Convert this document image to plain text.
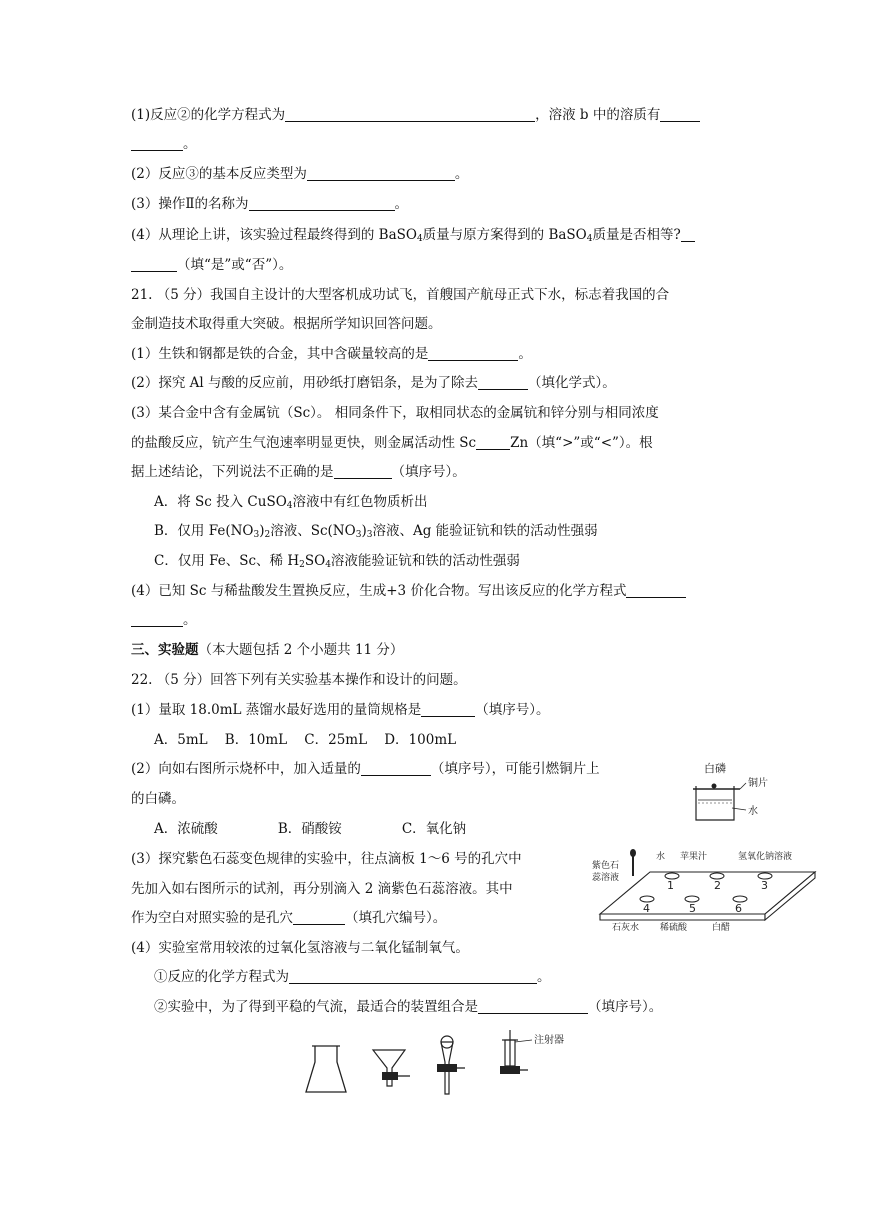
(1)反应②的化学方程式为	，溶液 b 中的溶质有
。
(2）反应③的基本反应类型为	。
(3）操作Ⅱ的名称为	。
(4）从理论上讲，该实验过程最终得到的 BaSO$_4$质量与原方案得到的 BaSO$_4$质量是否相等?
（填“是”或“否”）。
21. （5 分）我国自主设计的大型客机成功试飞，首艘国产航母正式下水，标志着我国的合
金制造技术取得重大突破。根据所学知识回答问题。
(1）生铁和钢都是铁的合金，其中含碳量较高的是	。
(2）探究 Al 与酸的反应前，用砂纸打磨铝条，是为了除去	（填化学式）。
(3）某合金中含有金属钪（Sc）。 相同条件下，取相同状态的金属钪和锌分别与相同浓度
的盐酸反应，钪产生气泡速率明显更快，则金属活动性 Sc	Zn（填“>”或“<”）。根
据上述结论，下列说法不正确的是	（填序号）。
A．将 Sc 投入 CuSO$_4$溶液中有红色物质析出
B．仅用 $Fe(NO_3)_2$溶液、$Sc(NO_3)_3$溶液、Ag 能验证钪和铁的活动性强弱
C．仅用 Fe、Sc、稀 $H_2SO_4$溶液能验证钪和铁的活动性强弱
(4）已知 Sc 与稀盐酸发生置换反应，生成+3 价化合物。写出该反应的化学方程式
。
三、实验题（本大题包括 2 个小题共 11 分）
22. （5 分）回答下列有关实验基本操作和设计的问题。
(1）量取 18.0mL 蒸馏水最好选用的量筒规格是	（填序号）。
A．5mL    B．10mL    C．25mL    D．100mL
(2）向如右图所示烧杯中，加入适量的	（填序号），可能引燃铜片上
的白磷。
A．浓硫酸              B．硝酸铵              C．氧化钠
(3）探究紫色石蕊变色规律的实验中，往点滴板 1～6 号的孔穴中
先加入如右图所示的试剂，再分别滴入 2 滴紫色石蕊溶液。其中
作为空白对照实验的是孔穴	（填孔穴编号）。
(4）实验室常用较浓的过氧化氢溶液与二氧化锰制氧气。
①反应的化学方程式为	。
②实验中，为了得到平稳的气流，最适合的装置组合是	（填序号）。
白磷
铜片
水
1	2	3
4	5	6
紫色石
蕊溶液
水 苹果汁	氢氧化钠溶液
石灰水 稀硫酸	白醋
注射器
